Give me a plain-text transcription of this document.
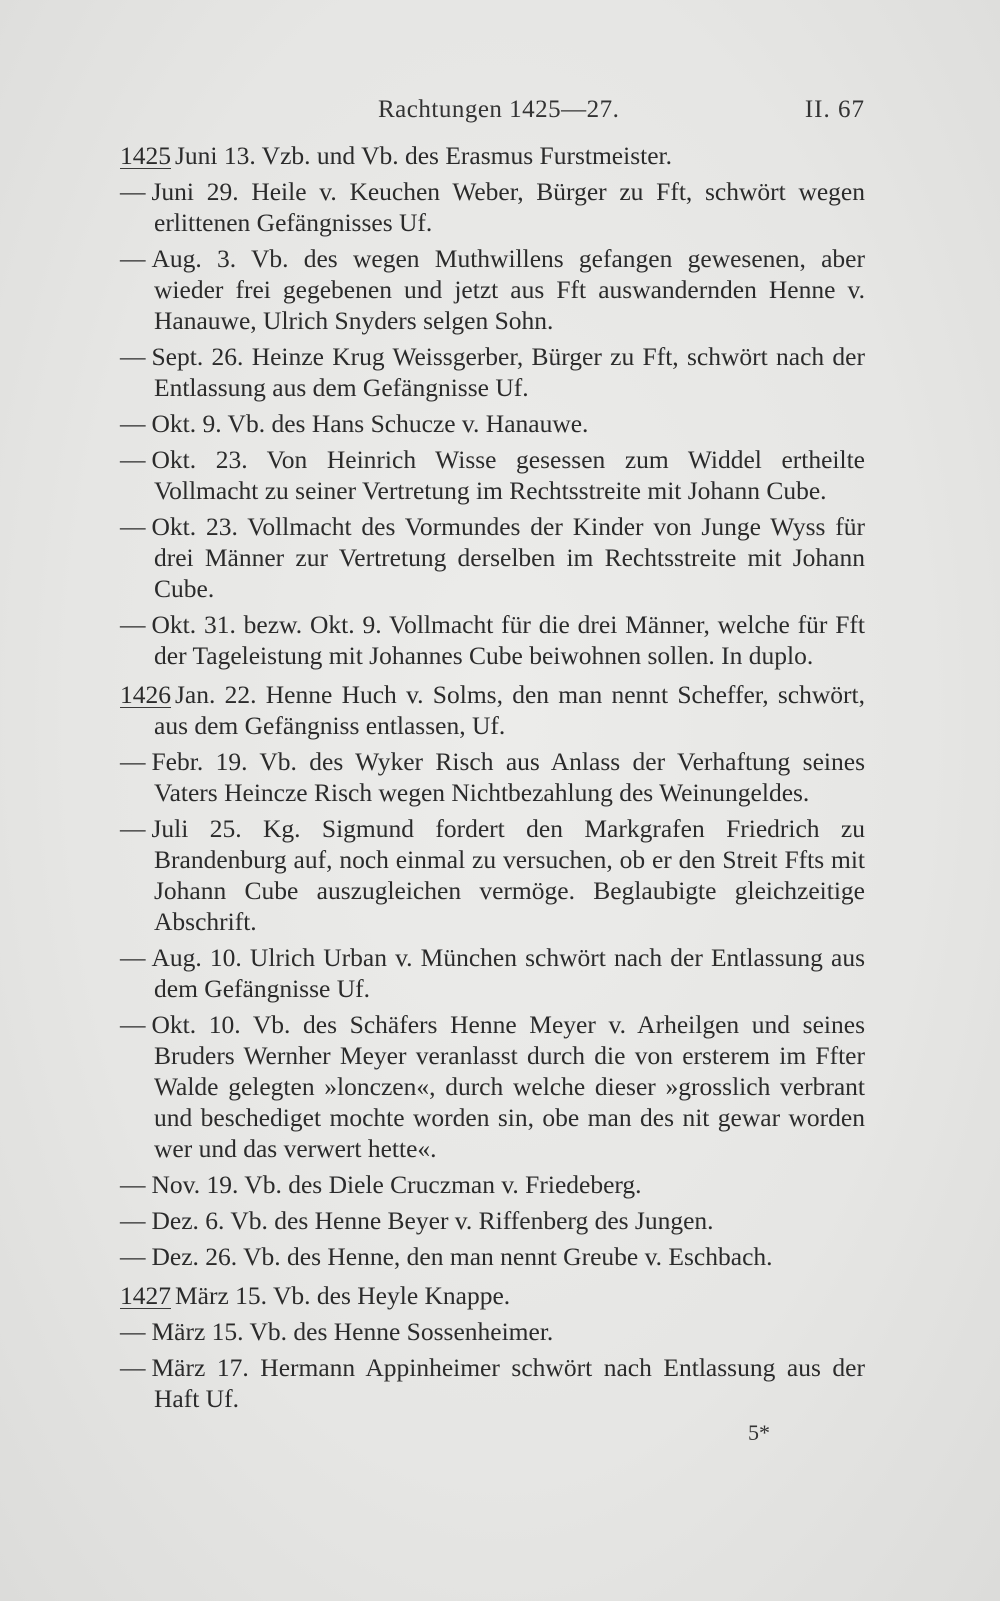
Rachtungen 1425—27.	II. 67
1425 Juni 13. Vzb. und Vb. des Erasmus Furstmeister.
— Juni 29. Heile v. Keuchen Weber, Bürger zu Fft, schwört wegen erlittenen Gefängnisses Uf.
— Aug. 3. Vb. des wegen Muthwillens gefangen gewesenen, aber wieder frei gegebenen und jetzt aus Fft auswandernden Henne v. Hanauwe, Ulrich Snyders selgen Sohn.
— Sept. 26. Heinze Krug Weissgerber, Bürger zu Fft, schwört nach der Entlassung aus dem Gefängnisse Uf.
— Okt. 9. Vb. des Hans Schucze v. Hanauwe.
— Okt. 23. Von Heinrich Wisse gesessen zum Widdel ertheilte Vollmacht zu seiner Vertretung im Rechtsstreite mit Johann Cube.
— Okt. 23. Vollmacht des Vormundes der Kinder von Junge Wyss für drei Männer zur Vertretung derselben im Rechtsstreite mit Johann Cube.
— Okt. 31. bezw. Okt. 9. Vollmacht für die drei Männer, welche für Fft der Tageleistung mit Johannes Cube beiwohnen sollen. In duplo.
1426 Jan. 22. Henne Huch v. Solms, den man nennt Scheffer, schwört, aus dem Gefängniss entlassen, Uf.
— Febr. 19. Vb. des Wyker Risch aus Anlass der Verhaftung seines Vaters Heincze Risch wegen Nichtbezahlung des Weinungeldes.
— Juli 25. Kg. Sigmund fordert den Markgrafen Friedrich zu Brandenburg auf, noch einmal zu versuchen, ob er den Streit Ffts mit Johann Cube auszugleichen vermöge. Beglaubigte gleichzeitige Abschrift.
— Aug. 10. Ulrich Urban v. München schwört nach der Entlassung aus dem Gefängnisse Uf.
— Okt. 10. Vb. des Schäfers Henne Meyer v. Arheilgen und seines Bruders Wernher Meyer veranlasst durch die von ersterem im Ffter Walde gelegten »lonczen«, durch welche dieser »grosslich verbrant und beschediget mochte worden sin, obe man des nit gewar worden wer und das verwert hette«.
— Nov. 19. Vb. des Diele Cruczman v. Friedeberg.
— Dez. 6. Vb. des Henne Beyer v. Riffenberg des Jungen.
— Dez. 26. Vb. des Henne, den man nennt Greube v. Eschbach.
1427 März 15. Vb. des Heyle Knappe.
— März 15. Vb. des Henne Sossenheimer.
— März 17. Hermann Appinheimer schwört nach Entlassung aus der Haft Uf.
5*
